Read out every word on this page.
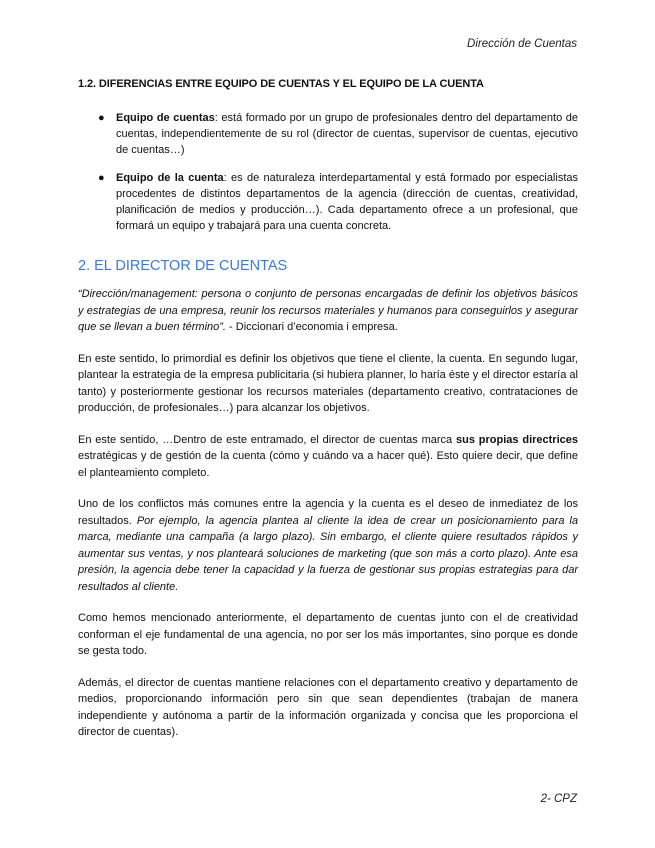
Dirección de Cuentas
1.2. DIFERENCIAS ENTRE EQUIPO DE CUENTAS Y EL EQUIPO DE LA CUENTA
● Equipo de cuentas: está formado por un grupo de profesionales dentro del departamento de cuentas, independientemente de su rol (director de cuentas, supervisor de cuentas, ejecutivo de cuentas…)
● Equipo de la cuenta: es de naturaleza interdepartamental y está formado por especialistas procedentes de distintos departamentos de la agencia (dirección de cuentas, creatividad, planificación de medios y producción…). Cada departamento ofrece a un profesional, que formará un equipo y trabajará para una cuenta concreta.
2. EL DIRECTOR DE CUENTAS

“Dirección/management: persona o conjunto de personas encargadas de definir los objetivos básicos y estrategias de una empresa, reunir los recursos materiales y humanos para conseguirlos y asegurar que se llevan a buen término”. - Diccionari d’economia i empresa.

En este sentido, lo primordial es definir los objetivos que tiene el cliente, la cuenta. En segundo lugar, plantear la estrategia de la empresa publicitaria (si hubiera planner, lo haría éste y el director estaría al tanto) y posteriormente gestionar los recursos materiales (departamento creativo, contrataciones de producción, de profesionales…) para alcanzar los objetivos.

En este sentido, …Dentro de este entramado, el director de cuentas marca sus propias directrices estratégicas y de gestión de la cuenta (cómo y cuándo va a hacer qué). Esto quiere decir, que define el planteamiento completo.

Uno de los conflictos más comunes entre la agencia y la cuenta es el deseo de inmediatez de los resultados. Por ejemplo, la agencia plantea al cliente la idea de crear un posicionamiento para la marca, mediante una campaña (a largo plazo). Sin embargo, el cliente quiere resultados rápidos y aumentar sus ventas, y nos planteará soluciones de marketing (que son más a corto plazo). Ante esa presión, la agencia debe tener la capacidad y la fuerza de gestionar sus propias estrategias para dar resultados al cliente.

Como hemos mencionado anteriormente, el departamento de cuentas junto con el de creatividad conforman el eje fundamental de una agencia, no por ser los más importantes, sino porque es donde se gesta todo.

Además, el director de cuentas mantiene relaciones con el departamento creativo y departamento de medios, proporcionando información pero sin que sean dependientes (trabajan de manera independiente y autónoma a partir de la información organizada y concisa que les proporciona el director de cuentas).

2- CPZ
